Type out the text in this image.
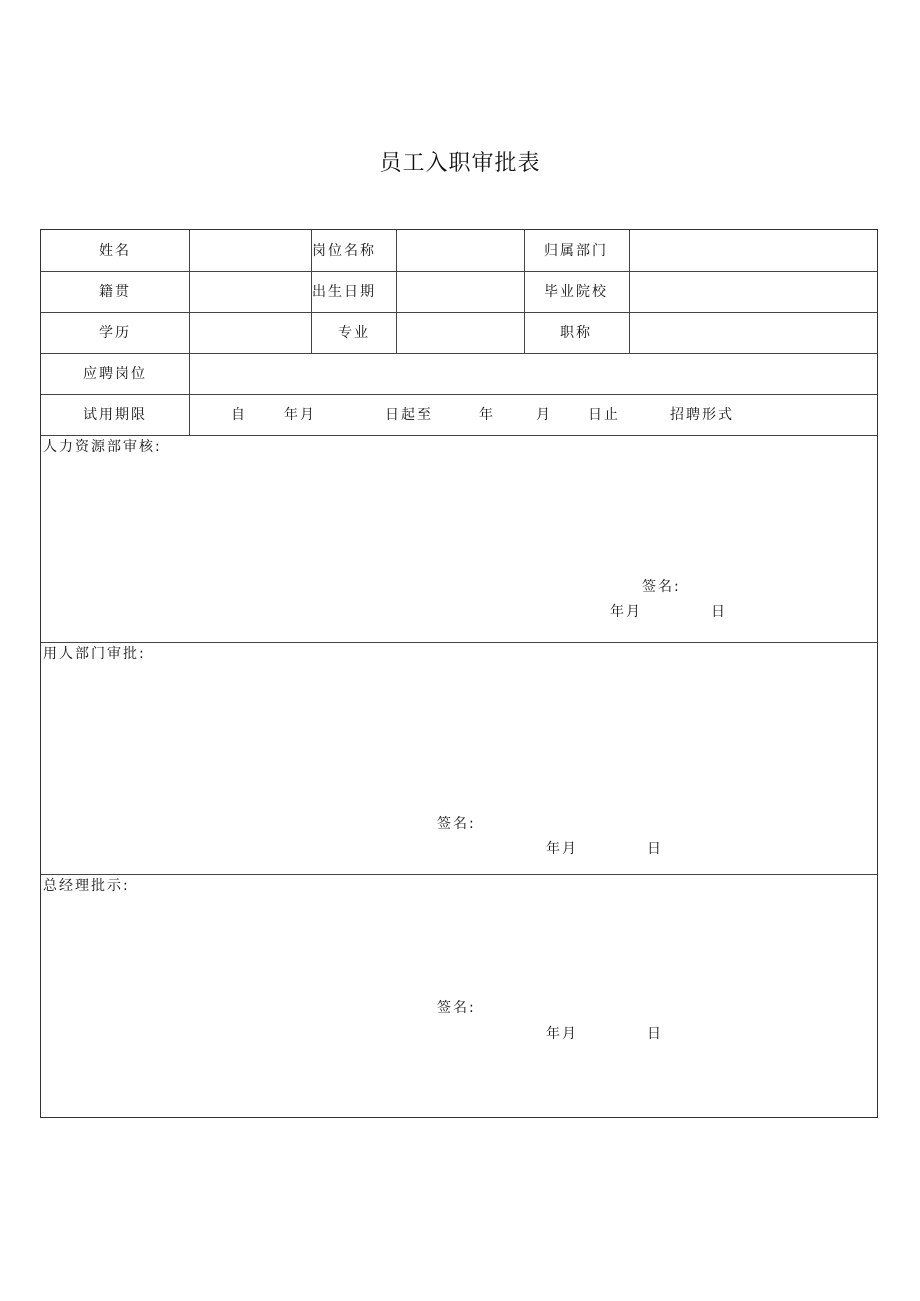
员工入职审批表
姓名	岗位名称	归属部门
籍贯	出生日期	毕业院校
学历	专业	职称
应聘岗位
试用期限	自	年月	日起至	年	月	日止	招聘形式
人力资源部审核:
签名:
年月	日
用人部门审批:
签名:
年月	日
总经理批示:
签名:
年月	日
